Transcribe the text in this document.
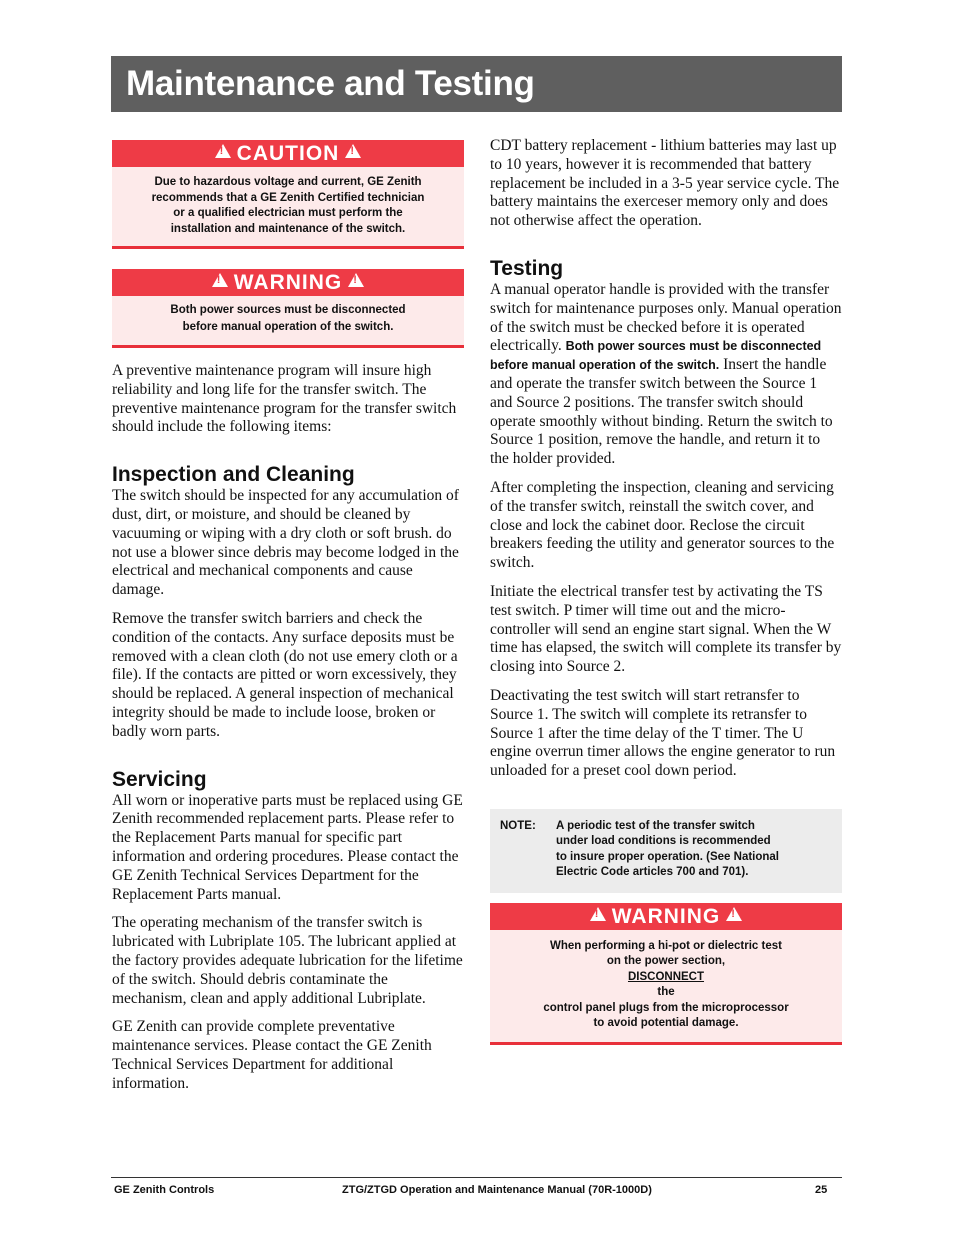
Maintenance and Testing
!CAUTION!
Due to hazardous voltage and current, GE Zenith
recommends that a GE Zenith Certified technician
or a qualified electrician must perform the
installation and maintenance of the switch.
!WARNING!
Both power sources must be disconnected
before manual operation of the switch.

A preventive maintenance program will insure high reliability and long life for the transfer switch. The preventive maintenance program for the transfer switch should include the following items:

Inspection and Cleaning

The switch should be inspected for any accumulation of dust, dirt, or moisture, and should be cleaned by vacuuming or wiping with a dry cloth or soft brush. do not use a blower since debris may become lodged in the electrical and mechanical components and cause damage.

Remove the transfer switch barriers and check the condition of the contacts. Any surface deposits must be removed with a clean cloth (do not use emery cloth or a file). If the contacts are pitted or worn excessively, they should be replaced. A general inspection of mechanical integrity should be made to include loose, broken or badly worn parts.

Servicing

All worn or inoperative parts must be replaced using GE Zenith recommended replacement parts. Please refer to the Replacement Parts manual for specific part information and ordering procedures. Please contact the GE Zenith Technical Services Department for the Replacement Parts manual.

The operating mechanism of the transfer switch is lubricated with Lubriplate 105. The lubricant applied at the factory provides adequate lubrication for the lifetime of the switch. Should debris contaminate the mechanism, clean and apply additional Lubriplate.

GE Zenith can provide complete preventative maintenance services. Please contact the GE Zenith Technical Services Department for additional information.

CDT battery replacement - lithium batteries may last up to 10 years, however it is recommended that battery replacement be included in a 3-5 year service cycle. The battery maintains the exerceser memory only and does not otherwise affect the operation.

Testing

A manual operator handle is provided with the transfer switch for maintenance purposes only. Manual operation of the switch must be checked before it is operated electrically. Both power sources must be disconnected before manual operation of the switch. Insert the handle and operate the transfer switch between the Source 1 and Source 2 positions. The transfer switch should operate smoothly without binding. Return the switch to Source 1 position, remove the handle, and return it to the holder provided.

After completing the inspection, cleaning and servicing of the transfer switch, reinstall the switch cover, and close and lock the cabinet door. Reclose the circuit breakers feeding the utility and generator sources to the switch.

Initiate the electrical transfer test by activating the TS test switch. P timer will time out and the micro-controller will send an engine start signal. When the W time has elapsed, the switch will complete its transfer by closing into Source 2.

Deactivating the test switch will start retransfer to Source 1. The switch will complete its retransfer to Source 1 after the time delay of the T timer. The U engine overrun timer allows the engine generator to run unloaded for a preset cool down period.

NOTE:	A periodic test of the transfer switch
under load conditions is recommended
to insure proper operation. (See National
Electric Code articles 700 and 701).
!WARNING!
When performing a hi-pot or dielectric test
on the power section,
DISCONNECT
the
control panel plugs from the microprocessor
to avoid potential damage.
GE Zenith Controls	ZTG/ZTGD Operation and Maintenance Manual (70R-1000D)	25
